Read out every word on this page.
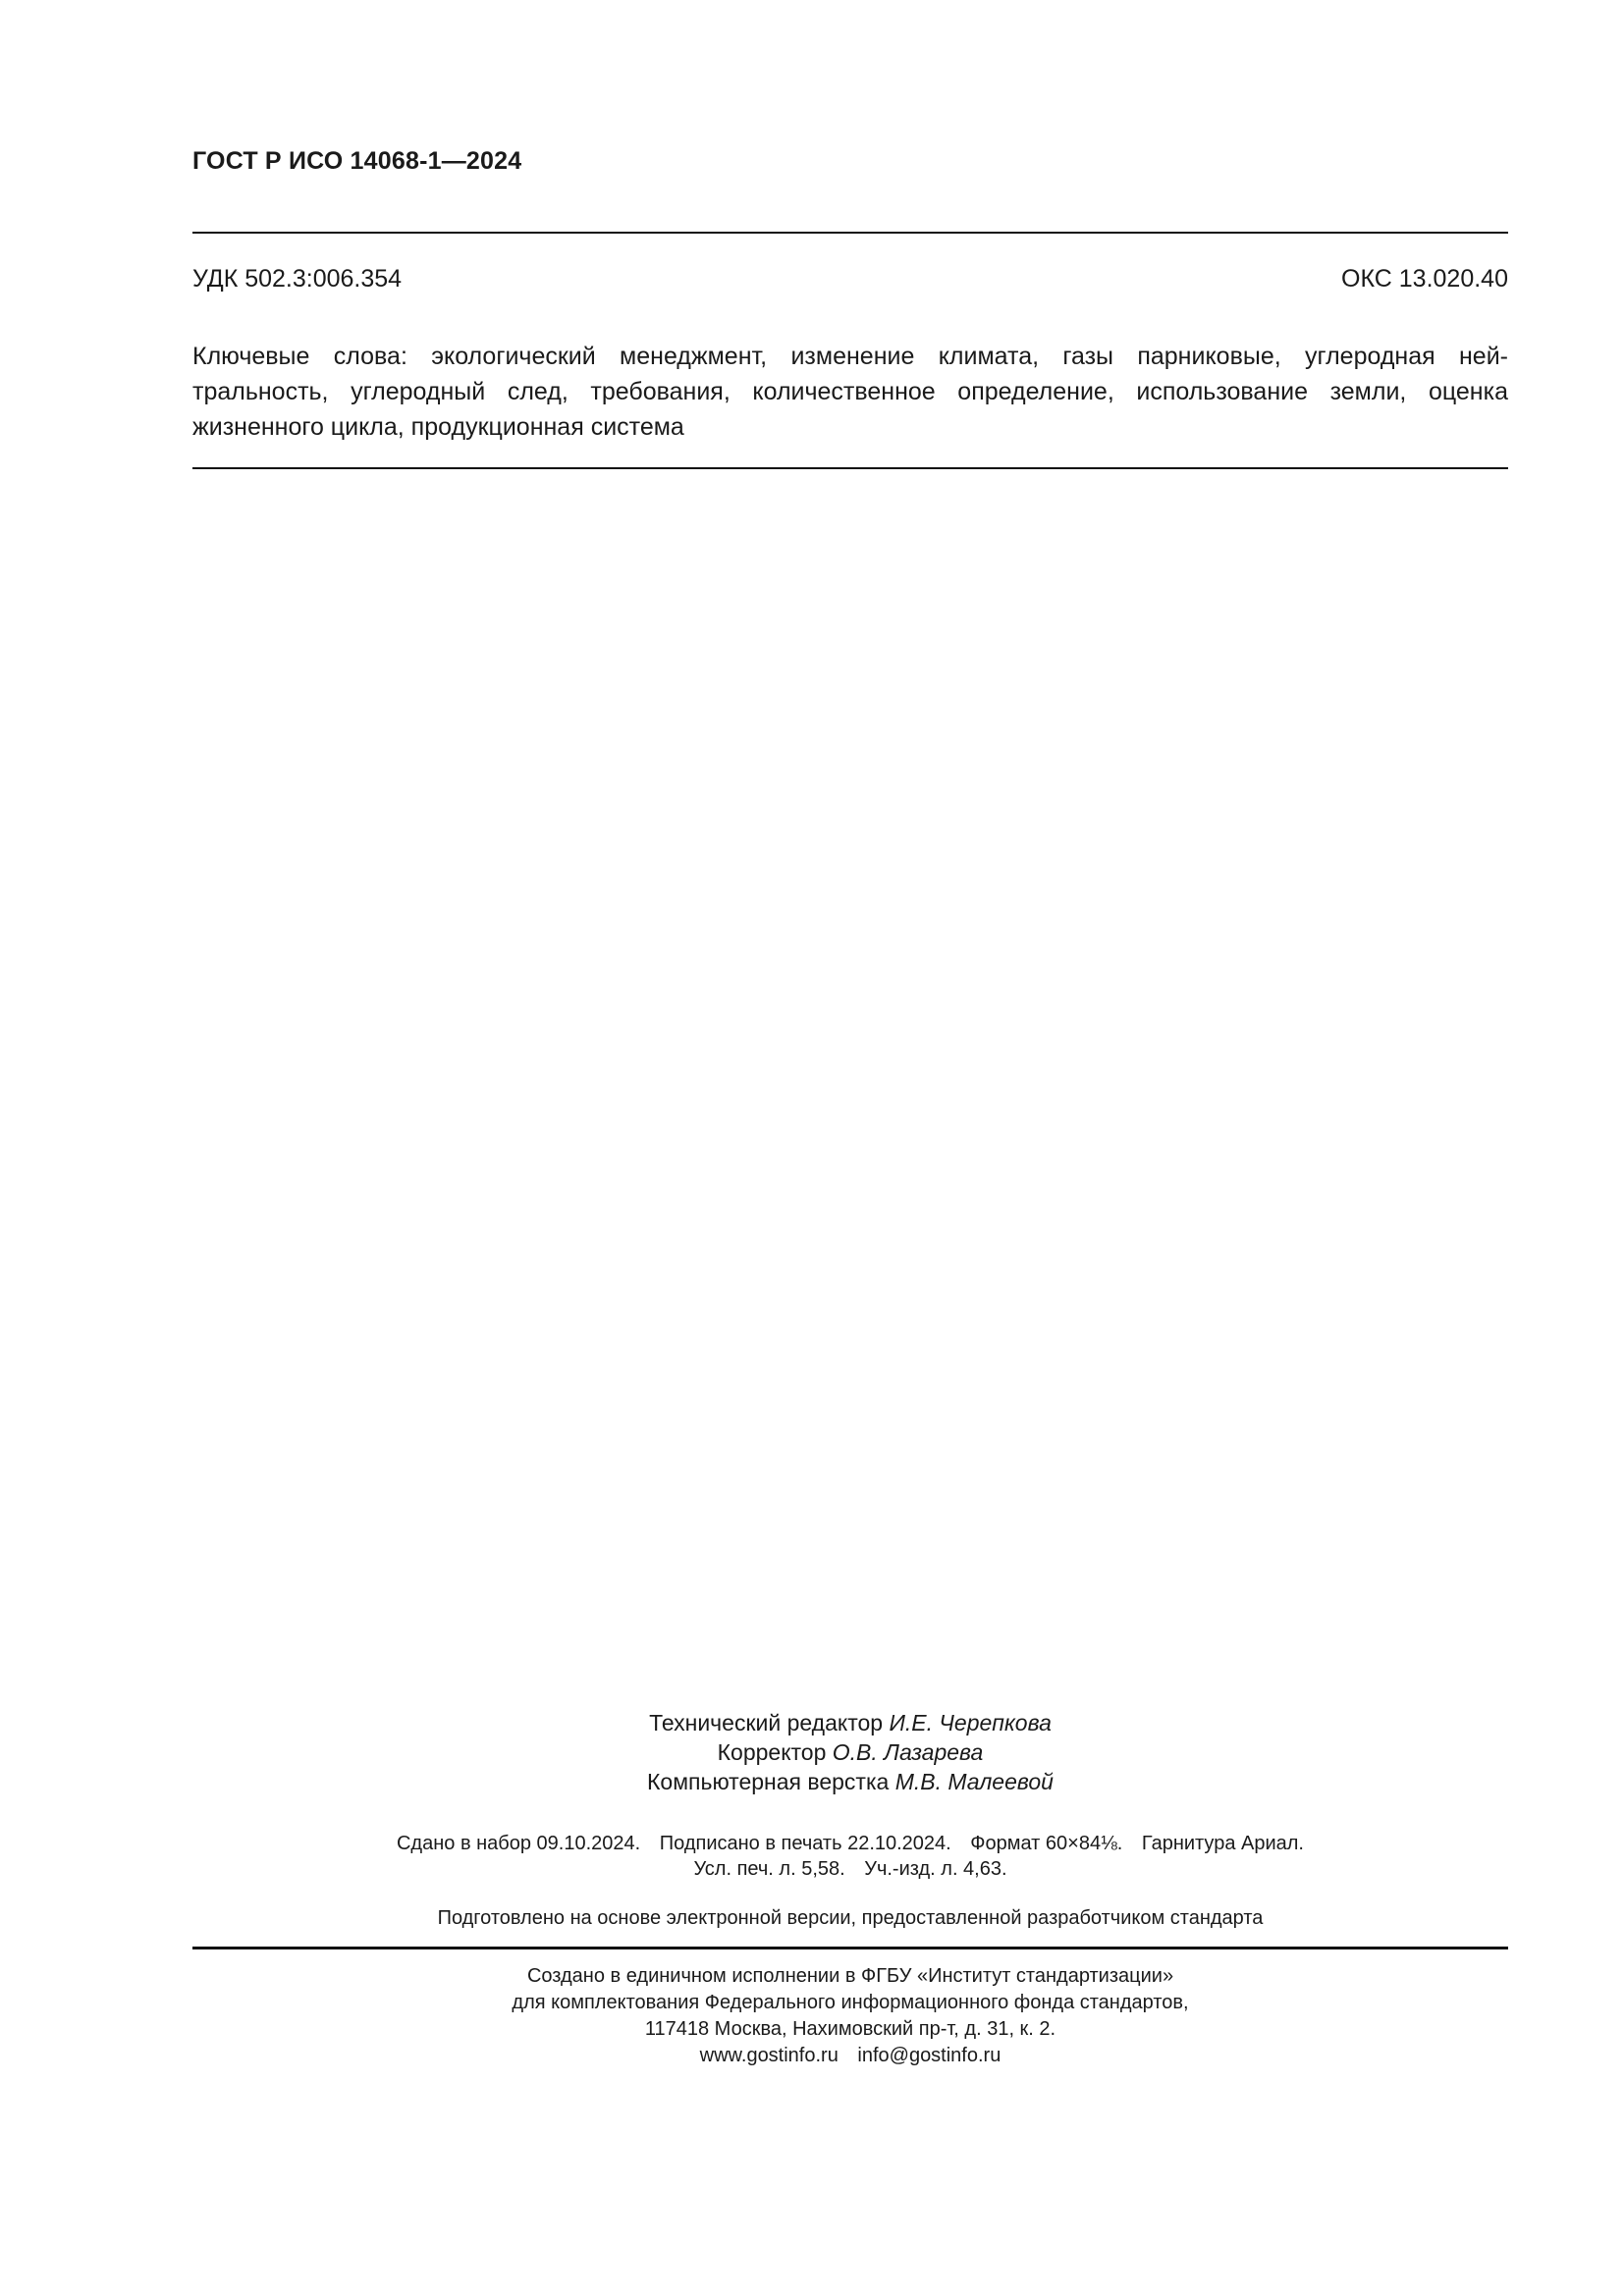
ГОСТ Р ИСО 14068-1—2024
УДК 502.3:006.354	ОКС 13.020.40
Ключевые слова: экологический менеджмент, изменение климата, газы парниковые, углеродная ней-
тральность, углеродный след, требования, количественное определение, использование земли, оценка
жизненного цикла, продукционная система
Технический редактор И.Е. Черепкова
Корректор О.В. Лазарева
Компьютерная верстка М.В. Малеевой
Сдано в набор 09.10.2024. Подписано в печать 22.10.2024. Формат 60×84⅛. Гарнитура Ариал.
Усл. печ. л. 5,58. Уч.-изд. л. 4,63.
Подготовлено на основе электронной версии, предоставленной разработчиком стандарта
Создано в единичном исполнении в ФГБУ «Институт стандартизации»
для комплектования Федерального информационного фонда стандартов,
117418 Москва, Нахимовский пр-т, д. 31, к. 2.
www.gostinfo.ru info@gostinfo.ru
